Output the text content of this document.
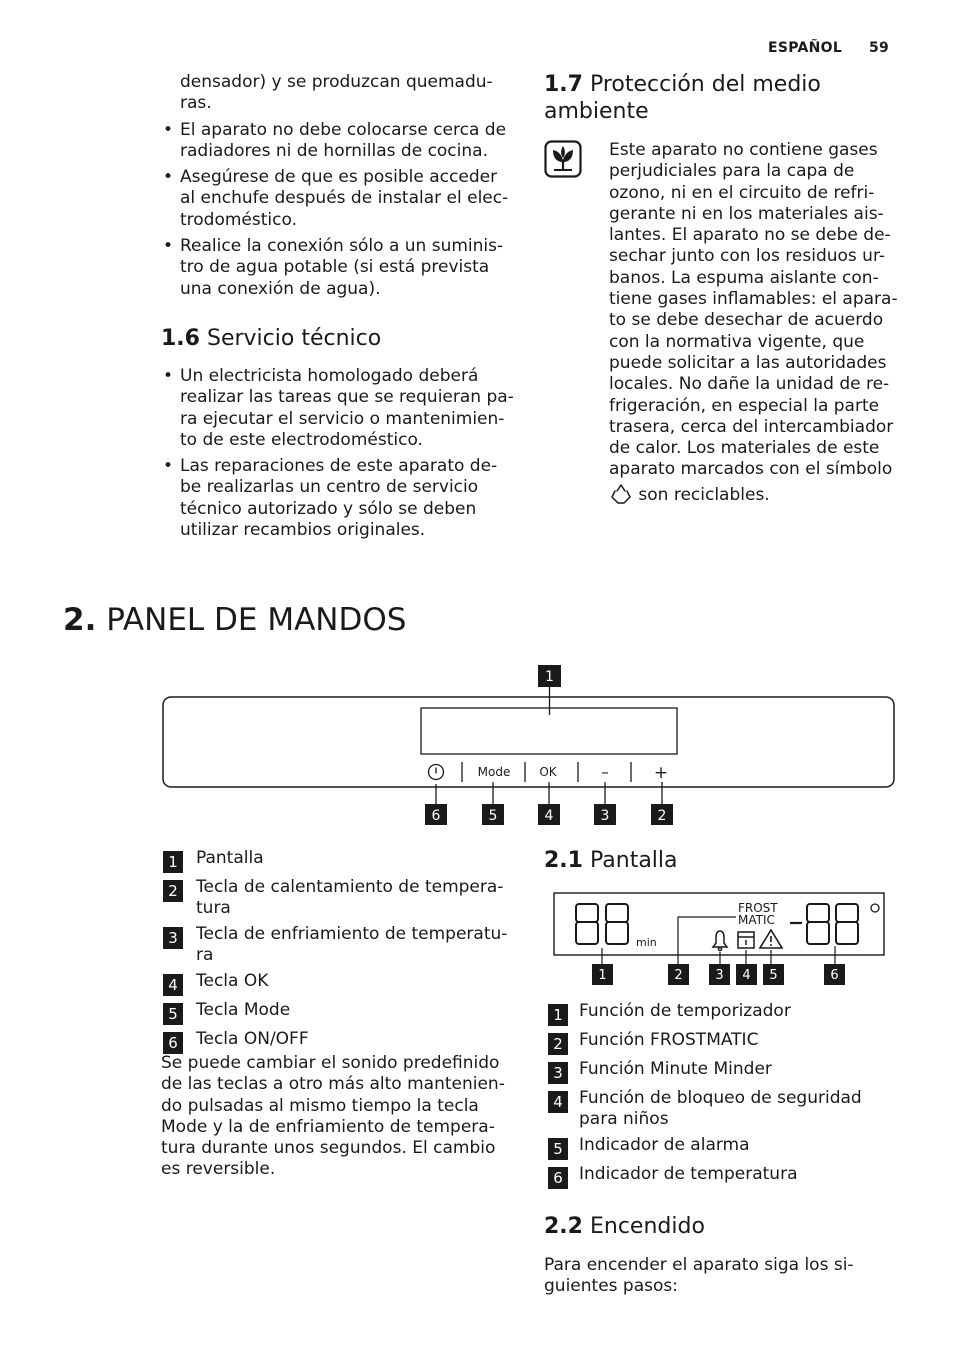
ESPAÑOL 59
densador) y se produzcan quemadu-
ras.
• El aparato no debe colocarse cerca de
radiadores ni de hornillas de cocina.
• Asegúrese de que es posible acceder
al enchufe después de instalar el elec-
trodoméstico.
• Realice la conexión sólo a un suminis-
tro de agua potable (si está prevista
una conexión de agua).
1.6 Servicio técnico
• Un electricista homologado deberá
realizar las tareas que se requieran pa-
ra ejecutar el servicio o mantenimien-
to de este electrodoméstico.
• Las reparaciones de este aparato de-
be realizarlas un centro de servicio
técnico autorizado y sólo se deben
utilizar recambios originales.
1.7 Protección del medio
ambiente
Este aparato no contiene gases
perjudiciales para la capa de
ozono, ni en el circuito de refri-
gerante ni en los materiales ais-
lantes. El aparato no se debe de-
sechar junto con los residuos ur-
banos. La espuma aislante con-
tiene gases inflamables: el apara-
to se debe desechar de acuerdo
con la normativa vigente, que
puede solicitar a las autoridades
locales. No dañe la unidad de re-
frigeración, en especial la parte
trasera, cerca del intercambiador
de calor. Los materiales de este
aparato marcados con el símbolo
son reciclables.
2. PANEL DE MANDOS
1
Mode OK	–	+
6	5	4	3	2
1	Pantalla
2	Tecla de calentamiento de tempera-
tura
3	Tecla de enfriamiento de temperatu-
ra
4	Tecla OK
5	Tecla Mode
6	Tecla ON/OFF
Se puede cambiar el sonido predefinido
de las teclas a otro más alto mantenien-
do pulsadas al mismo tiempo la tecla
Mode y la de enfriamiento de tempera-
tura durante unos segundos. El cambio
es reversible.
2.1 Pantalla
min
FROST
MATIC
1	2	3 4 5	6
1 Función de temporizador
2 Función FROSTMATIC
3 Función Minute Minder
4 Función de bloqueo de seguridad
para niños
5 Indicador de alarma
6 Indicador de temperatura
2.2 Encendido
Para encender el aparato siga los si-
guientes pasos:
